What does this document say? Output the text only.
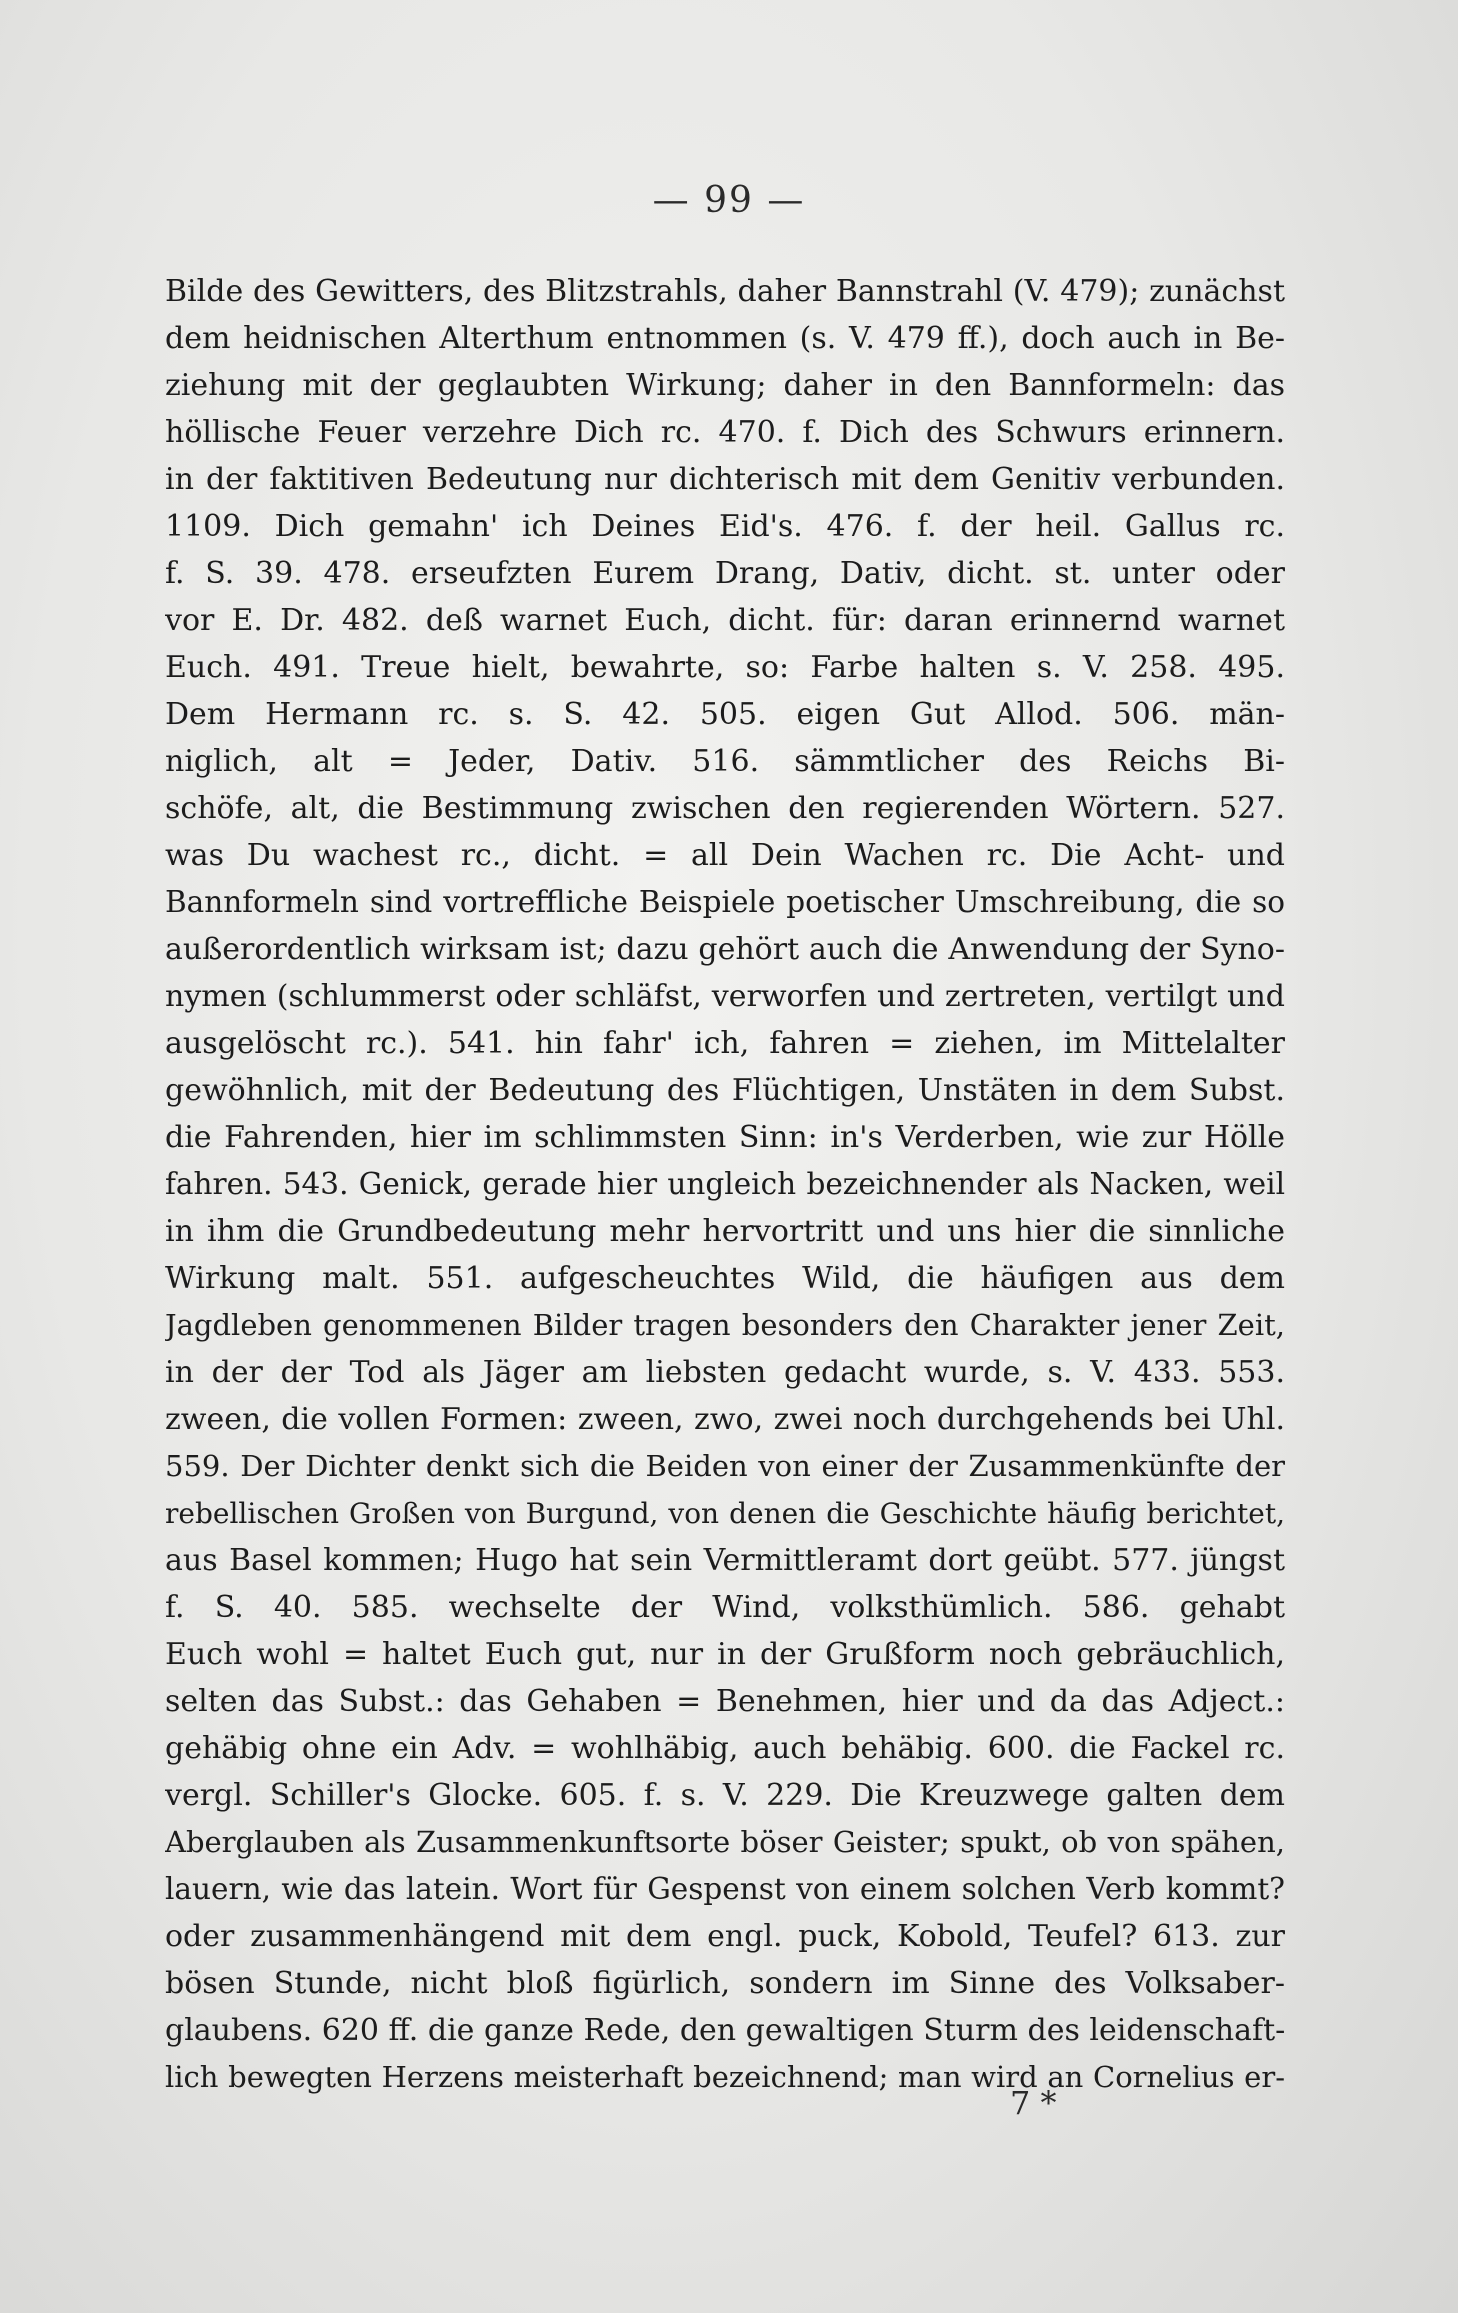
— 99 —
Bilde des Gewitters, des Blitzstrahls, daher Bannstrahl (V. 479); zunächst
dem heidnischen Alterthum entnommen (s. V. 479 ff.), doch auch in Be-
ziehung mit der geglaubten Wirkung; daher in den Bannformeln: das
höllische Feuer verzehre Dich rc. 470. f. Dich des Schwurs erinnern.
in der faktitiven Bedeutung nur dichterisch mit dem Genitiv verbunden.
1109. Dich gemahn' ich Deines Eid's. 476. f. der heil. Gallus rc.
f. S. 39. 478. erseufzten Eurem Drang, Dativ, dicht. st. unter oder
vor E. Dr. 482. deß warnet Euch, dicht. für: daran erinnernd warnet
Euch. 491. Treue hielt, bewahrte, so: Farbe halten s. V. 258. 495.
Dem Hermann rc. s. S. 42. 505. eigen Gut Allod. 506. män-
niglich, alt = Jeder, Dativ. 516. sämmtlicher des Reichs Bi-
schöfe, alt, die Bestimmung zwischen den regierenden Wörtern. 527.
was Du wachest rc., dicht. = all Dein Wachen rc. Die Acht- und
Bannformeln sind vortreffliche Beispiele poetischer Umschreibung, die so
außerordentlich wirksam ist; dazu gehört auch die Anwendung der Syno-
nymen (schlummerst oder schläfst, verworfen und zertreten, vertilgt und
ausgelöscht rc.). 541. hin fahr' ich, fahren = ziehen, im Mittelalter
gewöhnlich, mit der Bedeutung des Flüchtigen, Unstäten in dem Subst.
die Fahrenden, hier im schlimmsten Sinn: in's Verderben, wie zur Hölle
fahren. 543. Genick, gerade hier ungleich bezeichnender als Nacken, weil
in ihm die Grundbedeutung mehr hervortritt und uns hier die sinnliche
Wirkung malt. 551. aufgescheuchtes Wild, die häufigen aus dem
Jagdleben genommenen Bilder tragen besonders den Charakter jener Zeit,
in der der Tod als Jäger am liebsten gedacht wurde, s. V. 433. 553.
zween, die vollen Formen: zween, zwo, zwei noch durchgehends bei Uhl.
559. Der Dichter denkt sich die Beiden von einer der Zusammenkünfte der
rebellischen Großen von Burgund, von denen die Geschichte häufig berichtet,
aus Basel kommen; Hugo hat sein Vermittleramt dort geübt. 577. jüngst
f. S. 40. 585. wechselte der Wind, volksthümlich. 586. gehabt
Euch wohl = haltet Euch gut, nur in der Grußform noch gebräuchlich,
selten das Subst.: das Gehaben = Benehmen, hier und da das Adject.:
gehäbig ohne ein Adv. = wohlhäbig, auch behäbig. 600. die Fackel rc.
vergl. Schiller's Glocke. 605. f. s. V. 229. Die Kreuzwege galten dem
Aberglauben als Zusammenkunftsorte böser Geister; spukt, ob von spähen,
lauern, wie das latein. Wort für Gespenst von einem solchen Verb kommt?
oder zusammenhängend mit dem engl. puck, Kobold, Teufel? 613. zur
bösen Stunde, nicht bloß figürlich, sondern im Sinne des Volksaber-
glaubens. 620 ff. die ganze Rede, den gewaltigen Sturm des leidenschaft-
lich bewegten Herzens meisterhaft bezeichnend; man wird an Cornelius er-
7 *
